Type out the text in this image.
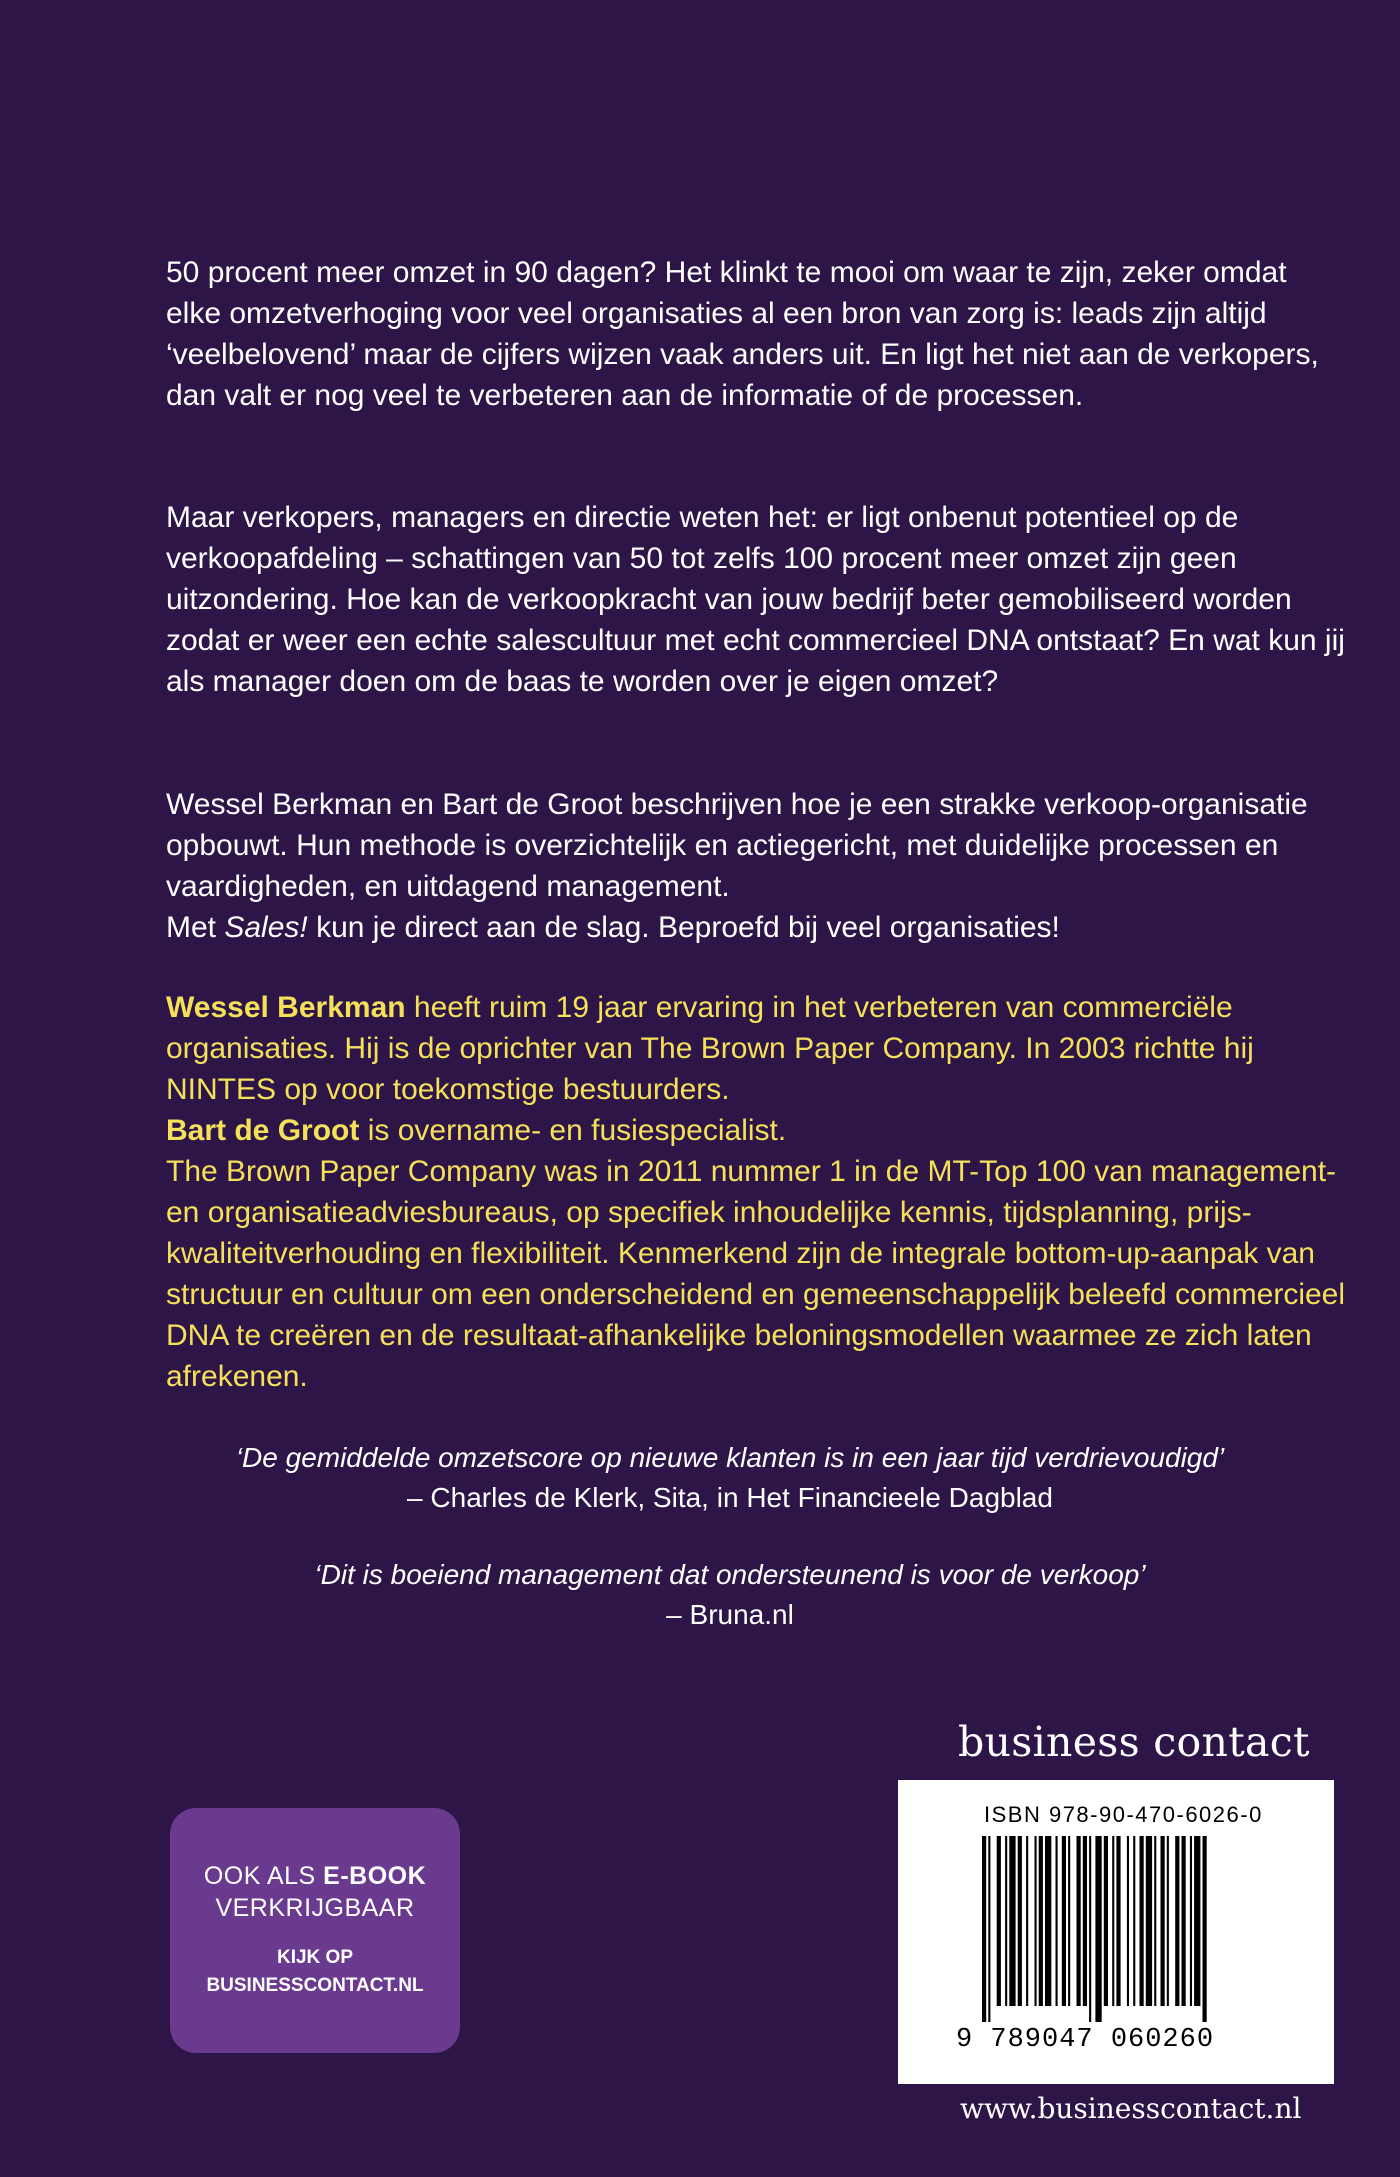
50 procent meer omzet in 90 dagen? Het klinkt te mooi om waar te zijn, zeker omdat elke omzetverhoging voor veel organisaties al een bron van zorg is: leads zijn altijd ‘veelbelovend’ maar de cijfers wijzen vaak anders uit. En ligt het niet aan de verkopers, dan valt er nog veel te verbeteren aan de informatie of de processen.

Maar verkopers, managers en directie weten het: er ligt onbenut potentieel op de verkoopafdeling – schattingen van 50 tot zelfs 100 procent meer omzet zijn geen uitzondering. Hoe kan de verkoopkracht van jouw bedrijf beter gemobiliseerd worden zodat er weer een echte salescultuur met echt commercieel DNA ontstaat? En wat kun jij als manager doen om de baas te worden over je eigen omzet?

Wessel Berkman en Bart de Groot beschrijven hoe je een strakke verkoop-organisatie opbouwt. Hun methode is overzichtelijk en actiegericht, met duidelijke processen en vaardigheden, en uitdagend management.
Met Sales! kun je direct aan de slag. Beproefd bij veel organisaties!

Wessel Berkman heeft ruim 19 jaar ervaring in het verbeteren van commerciële organisaties. Hij is de oprichter van The Brown Paper Company. In 2003 richtte hij NINTES op voor toekomstige bestuurders.
Bart de Groot is overname- en fusiespecialist.
The Brown Paper Company was in 2011 nummer 1 in de MT-Top 100 van management- en organisatieadviesbureaus, op specifiek inhoudelijke kennis, tijdsplanning, prijs-kwaliteitverhouding en flexibiliteit. Kenmerkend zijn de integrale bottom-up-aanpak van structuur en cultuur om een onderscheidend en gemeenschappelijk beleefd commercieel DNA te creëren en de resultaat-afhankelijke beloningsmodellen waarmee ze zich laten afrekenen.

‘De gemiddelde omzetscore op nieuwe klanten is in een jaar tijd verdrievoudigd’
– Charles de Klerk, Sita, in Het Financieele Dagblad
‘Dit is boeiend management dat ondersteunend is voor de verkoop’
– Bruna.nl
business contact
OOK ALS E-BOOK
VERKRIJGBAAR
KIJK OP
BUSINESSCONTACT.NL
ISBN 978-90-470-6026-0
9 789047 060260
www.businesscontact.nl
